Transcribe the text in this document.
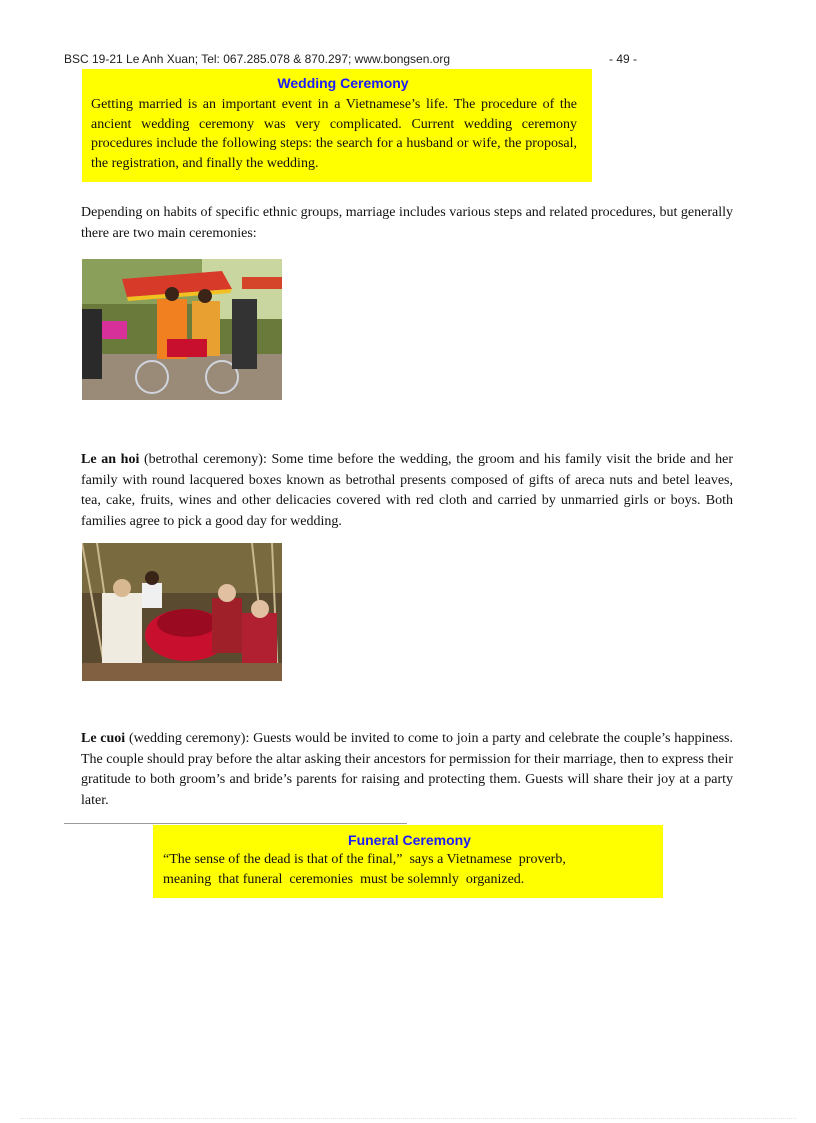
BSC 19-21 Le Anh Xuan; Tel: 067.285.078 & 870.297; www.bongsen.org	- 49 -
Wedding Ceremony
Getting married is an important event in a Vietnamese’s life. The procedure of the ancient wedding ceremony was very complicated. Current wedding ceremony procedures include the following steps: the search for a husband or wife, the proposal, the registration, and finally the wedding.
Depending on habits of specific ethnic groups, marriage includes various steps and related procedures, but generally there are two main ceremonies:
Le an hoi (betrothal ceremony): Some time before the wedding, the groom and his family visit the bride and her family with round lacquered boxes known as betrothal presents composed of gifts of areca nuts and betel leaves, tea, cake, fruits, wines and other delicacies covered with red cloth and carried by unmarried girls or boys. Both families agree to pick a good day for wedding.
Le cuoi (wedding ceremony): Guests would be invited to come to join a party and celebrate the couple’s happiness. The couple should pray before the altar asking their ancestors for permission for their marriage, then to express their gratitude to both groom’s and bride’s parents for raising and protecting them. Guests will share their joy at a party later.
Funeral Ceremony
“The sense of the dead is that of the final,”  says a Vietnamese  proverb,
meaning  that funeral  ceremonies  must be solemnly  organized.
